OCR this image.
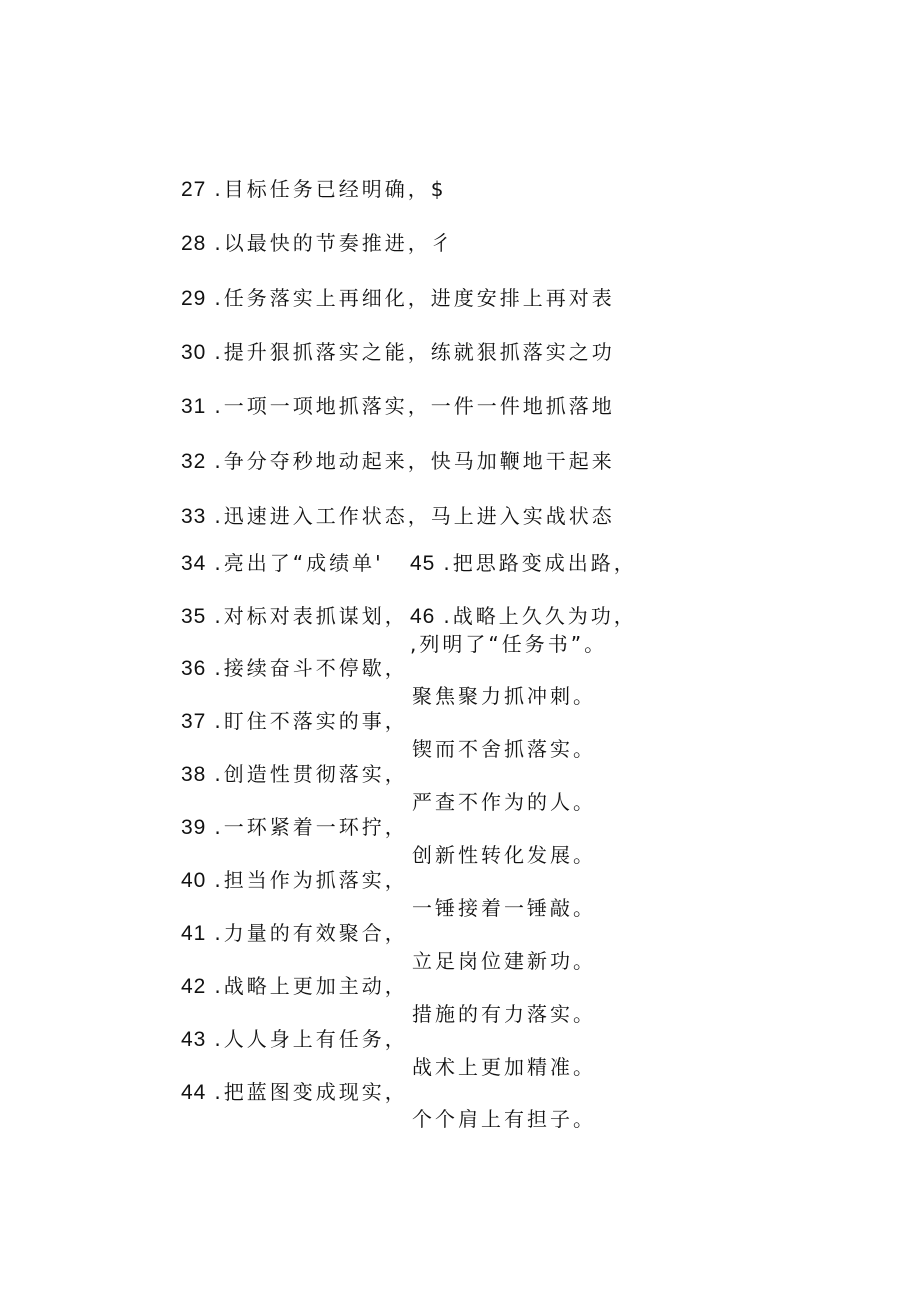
27 .目标任务已经明确，$
28 .以最快的节奏推进，彳
29 .任务落实上再细化，进度安排上再对表
30 .提升狠抓落实之能，练就狠抓落实之功
31 .一项一项地抓落实，一件一件地抓落地
32 .争分夺秒地动起来，快马加鞭地干起来
33 .迅速进入工作状态，马上进入实战状态
34 .亮出了“成绩单'
35 .对标对表抓谋划，
36 .接续奋斗不停歇，
37 .盯住不落实的事，
38 .创造性贯彻落实，
39 .一环紧着一环拧，
40 .担当作为抓落实，
41 .力量的有效聚合，
42 .战略上更加主动，
43 .人人身上有任务，
44 .把蓝图变成现实，
45 .把思路变成出路，
46 .战略上久久为功，
,列明了“任务书”。
聚焦聚力抓冲刺。
锲而不舍抓落实。
严查不作为的人。
创新性转化发展。
一锤接着一锤敲。
立足岗位建新功。
措施的有力落实。
战术上更加精准。
个个肩上有担子。
